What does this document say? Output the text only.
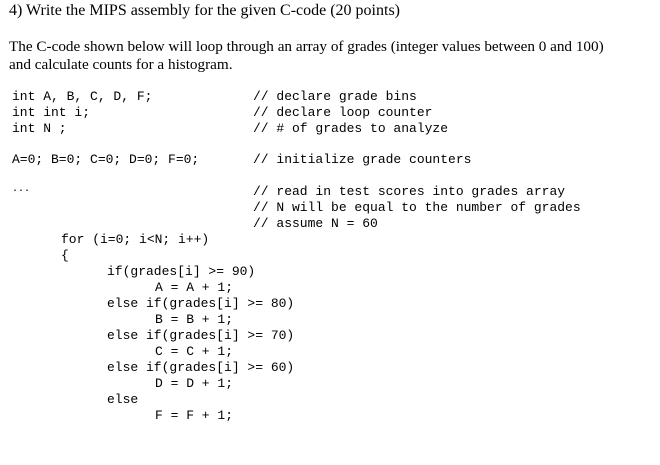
4) Write the MIPS assembly for the given C-code (20 points)
The C-code shown below will loop through an array of grades (integer values between 0 and 100)
and calculate counts for a histogram.

int A, B, C, D, F;

int int i;

int N ;

// declare grade bins

// declare loop counter

// # of grades to analyze

A=0; B=0; C=0; D=0; F=0;

	// initialize grade counters

...

	// read in test scores into grades array

// N will be equal to the number of grades

// assume N = 60

for (i=0; i<N; i++)

{

if(grades[i] >= 90)

A = A + 1;

else if(grades[i] >= 80)

B = B + 1;

else if(grades[i] >= 70)

C = C + 1;

else if(grades[i] >= 60)

D = D + 1;

else

F = F + 1;
